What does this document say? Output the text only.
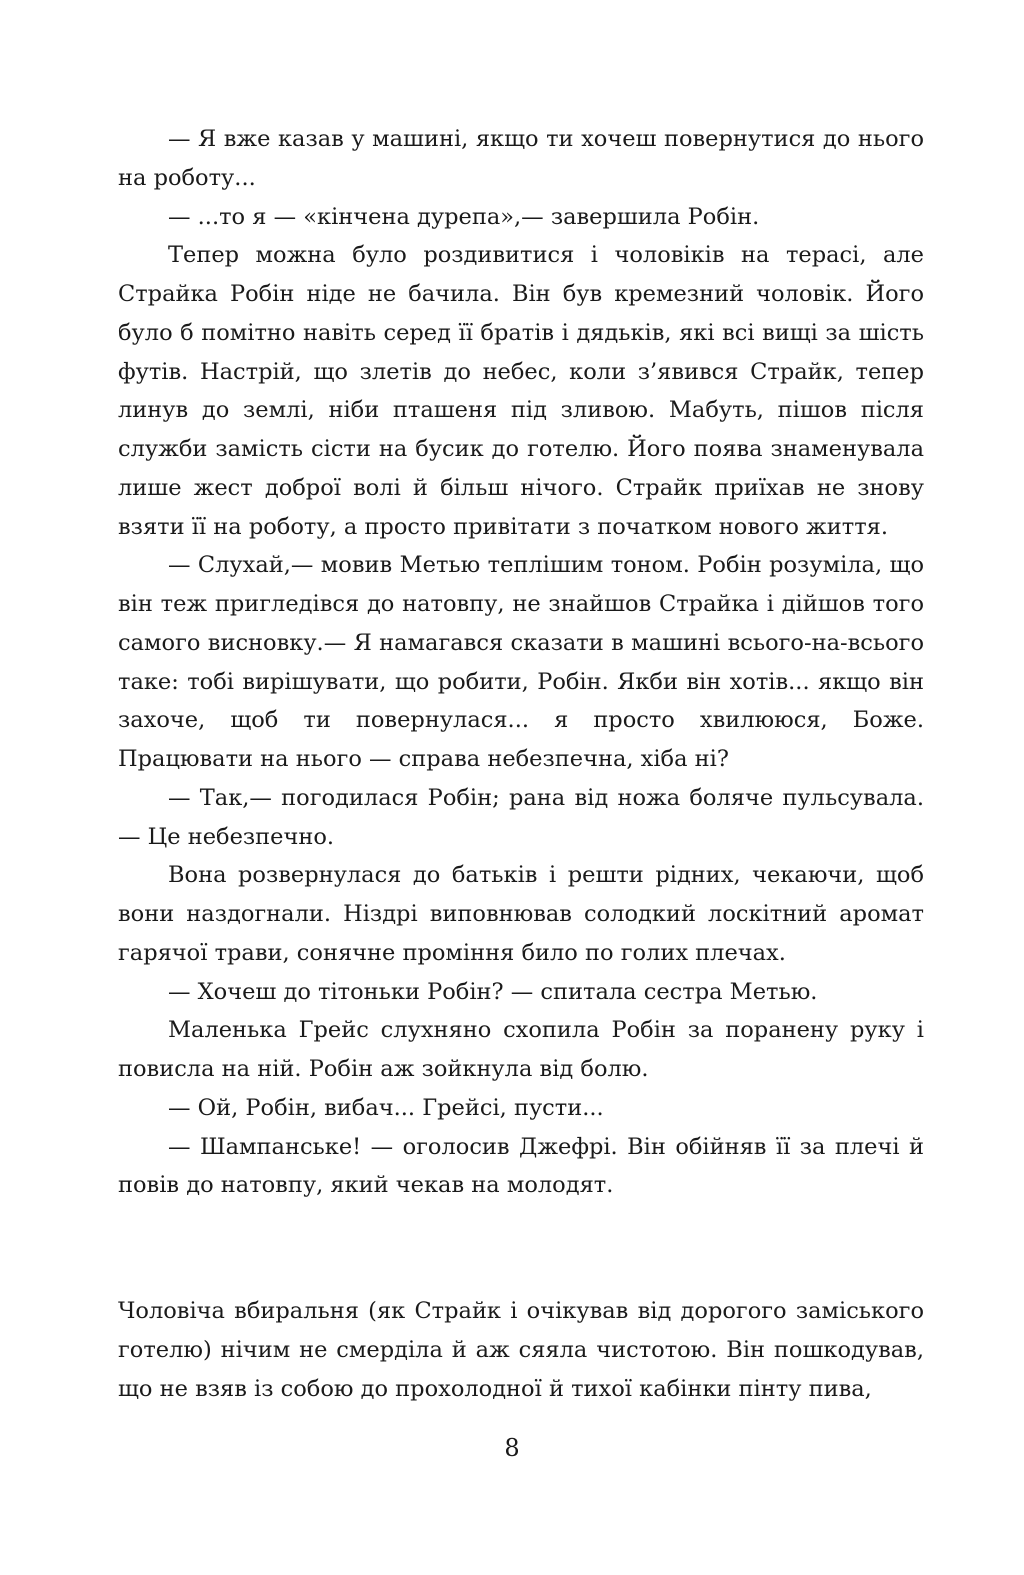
— Я вже казав у машині, якщо ти хочеш повернутися до нього на роботу...

— ...то я — «кінчена дурепа»,— завершила Робін.

Тепер можна було роздивитися і чоловіків на терасі, але Страйка Робін ніде не бачила. Він був кремезний чоловік. Його було б помітно навіть серед її братів і дядьків, які всі вищі за шість футів. Настрій, що злетів до небес, коли з’явився Страйк, тепер линув до землі, ніби пташеня під зливою. Мабуть, пішов після служби замість сісти на бусик до готелю. Його поява знаменувала лише жест доброї волі й більш нічого. Страйк приїхав не знову взяти її на роботу, а просто привітати з початком нового життя.

— Слухай,— мовив Метью теплішим тоном. Робін розуміла, що він теж пригледівся до натовпу, не знайшов Страйка і дійшов того самого висновку.— Я намагався сказати в машині всього-на-всього таке: тобі вирішувати, що робити, Робін. Якби він хотів... якщо він захоче, щоб ти повернулася... я просто хвилююся, Боже. Працювати на нього — справа небезпечна, хіба ні?

— Так,— погодилася Робін; рана від ножа боляче пульсувала.— Це небезпечно.

Вона розвернулася до батьків і решти рідних, чекаючи, щоб вони наздогнали. Ніздрі виповнював солодкий лоскітний аромат гарячої трави, сонячне проміння било по голих плечах.

— Хочеш до тітоньки Робін? — спитала сестра Метью.

Маленька Грейс слухняно схопила Робін за поранену руку і повисла на ній. Робін аж зойкнула від болю.

— Ой, Робін, вибач... Грейсі, пусти...

— Шампанське! — оголосив Джефрі. Він обійняв її за плечі й повів до натовпу, який чекав на молодят.

Чоловіча вбиральня (як Страйк і очікував від дорогого заміського готелю) нічим не смерділа й аж сяяла чистотою. Він пошкодував, що не взяв із собою до прохолодної й тихої кабінки пінту пива,

8
